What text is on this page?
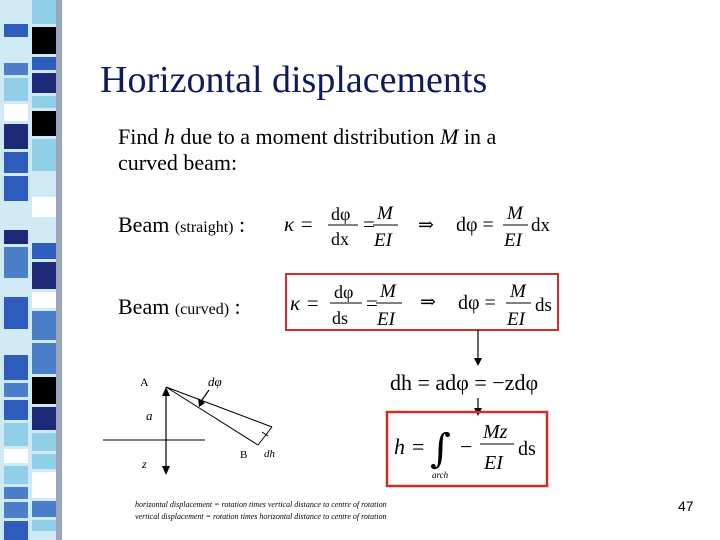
Horizontal displacements
Find h due to a moment distribution M in a
curved beam:
Beam (straight) :
Beam (curved) :
κ = dφ
dx
= M
EI
⇒ dφ =
M
EI
dx
κ = dφ
ds
= M
EI
⇒ dφ =
M
EI
ds
dh = adφ = −zdφ
h = ∫
arch
−
Mz
EI
ds
A	dφ
a
z
B dh
horizontal displacement = rotation times vertical distance to centre of rotation
vertical displacement = rotation times horizontal distance to centre of rotation
47
